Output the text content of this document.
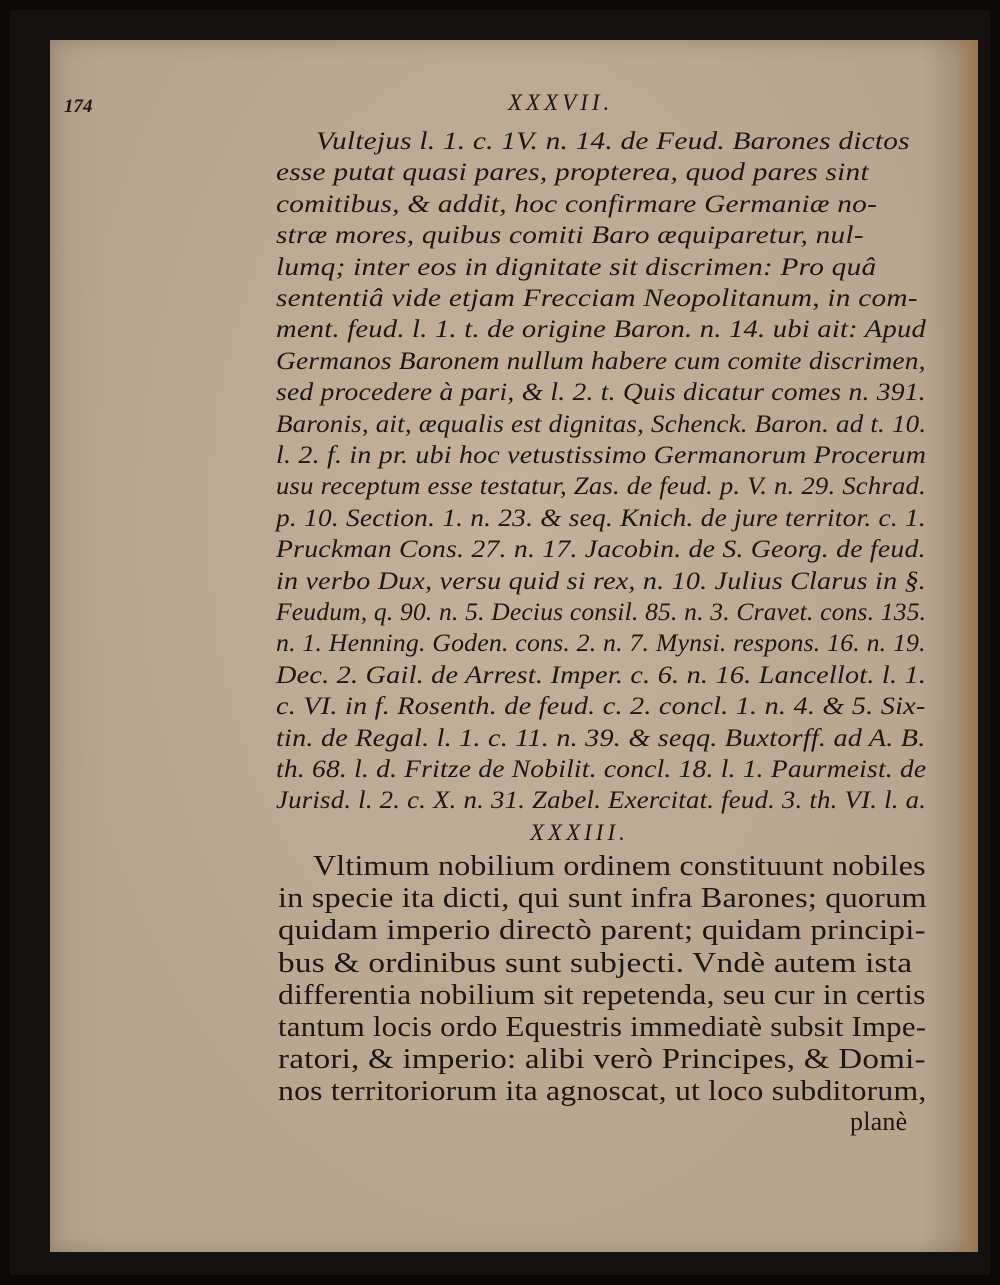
174	XXXVII.
Vultejus l. 1. c. 1V. n. 14. de Feud. Barones dictos
esse putat quasi pares, propterea, quod pares sint
comitibus, & addit, hoc confirmare Germaniæ no-
stræ mores, quibus comiti Baro æquiparetur, nul-
lumq; inter eos in dignitate sit discrimen: Pro quâ
sententiâ vide etjam Frecciam Neopolitanum, in com-
ment. feud. l. 1. t. de origine Baron. n. 14. ubi ait: Apud
Germanos Baronem nullum habere cum comite discrimen,
sed procedere à pari, & l. 2. t. Quis dicatur comes n. 391.
Baronis, ait, æqualis est dignitas, Schenck. Baron. ad t. 10.
l. 2. f. in pr. ubi hoc vetustissimo Germanorum Procerum
usu receptum esse testatur, Zas. de feud. p. V. n. 29. Schrad.
p. 10. Section. 1. n. 23. & seq. Knich. de jure territor. c. 1.
Pruckman Cons. 27. n. 17. Jacobin. de S. Georg. de feud.
in verbo Dux, versu quid si rex, n. 10. Julius Clarus in §.
Feudum, q. 90. n. 5. Decius consil. 85. n. 3. Cravet. cons. 135.
n. 1. Henning. Goden. cons. 2. n. 7. Mynsi. respons. 16. n. 19.
Dec. 2. Gail. de Arrest. Imper. c. 6. n. 16. Lancellot. l. 1.
c. VI. in f. Rosenth. de feud. c. 2. concl. 1. n. 4. & 5. Six-
tin. de Regal. l. 1. c. 11. n. 39. & seqq. Buxtorff. ad A. B.
th. 68. l. d. Fritze de Nobilit. concl. 18. l. 1. Paurmeist. de
Jurisd. l. 2. c. X. n. 31. Zabel. Exercitat. feud. 3. th. VI. l. a.
XXXIII.
Vltimum nobilium ordinem constituunt nobiles
in specie ita dicti, qui sunt infra Barones; quorum
quidam imperio directò parent; quidam principi-
bus & ordinibus sunt subjecti. Vndè autem ista
differentia nobilium sit repetenda, seu cur in certis
tantum locis ordo Equestris immediatè subsit Impe-
ratori, & imperio: alibi verò Principes, & Domi-
nos territoriorum ita agnoscat, ut loco subditorum,
planè
